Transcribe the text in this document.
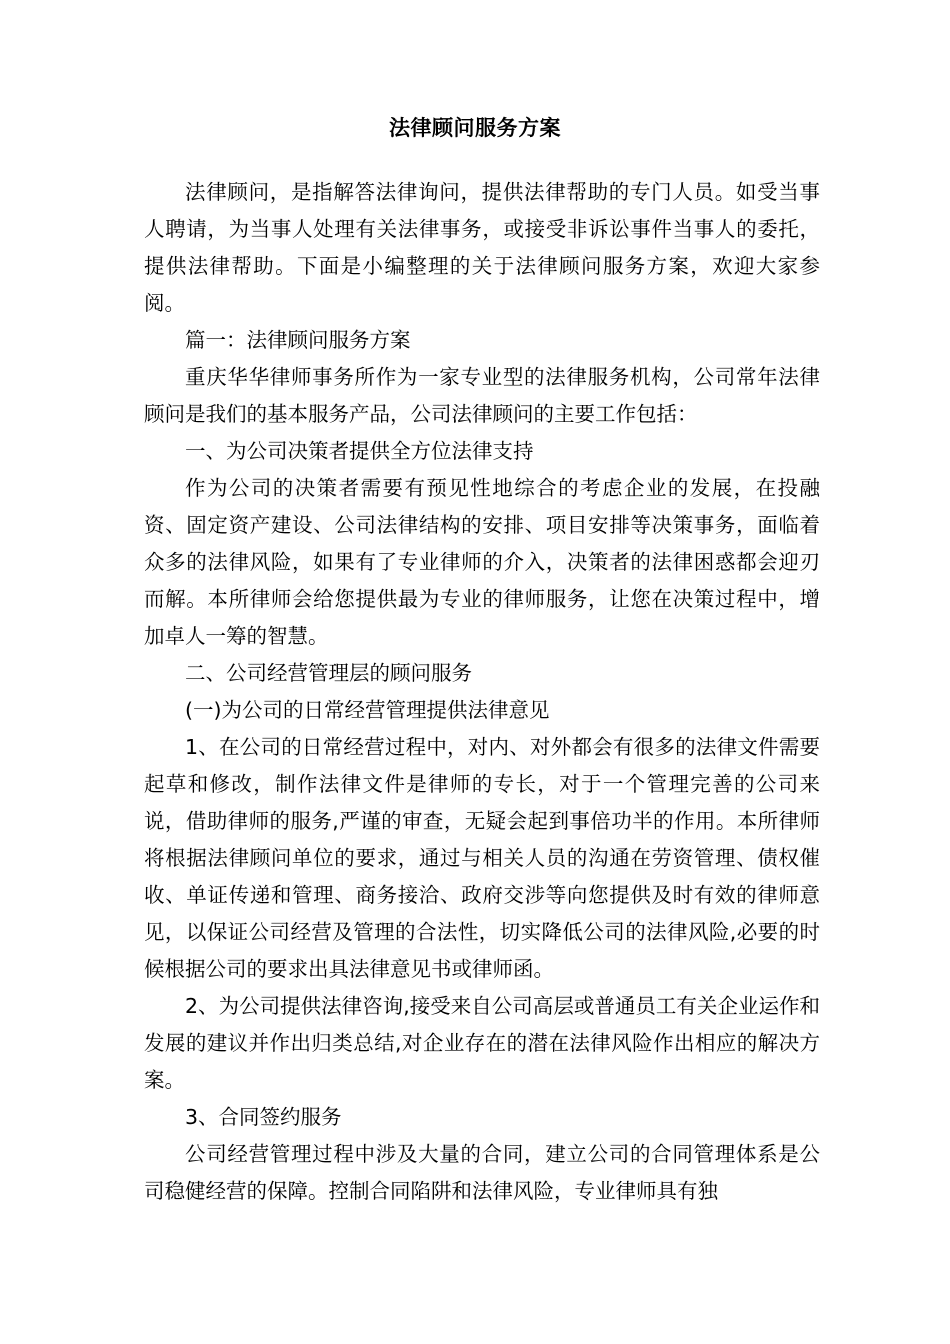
法律顾问服务方案

法律顾问，是指解答法律询问，提供法律帮助的专门人员。如受当事人聘请，为当事人处理有关法律事务，或接受非诉讼事件当事人的委托，提供法律帮助。下面是小编整理的关于法律顾问服务方案，欢迎大家参阅。

篇一：法律顾问服务方案

重庆华华律师事务所作为一家专业型的法律服务机构，公司常年法律顾问是我们的基本服务产品，公司法律顾问的主要工作包括：

一、为公司决策者提供全方位法律支持

作为公司的决策者需要有预见性地综合的考虑企业的发展，在投融资、固定资产建设、公司法律结构的安排、项目安排等决策事务，面临着众多的法律风险，如果有了专业律师的介入，决策者的法律困惑都会迎刃而解。本所律师会给您提供最为专业的律师服务，让您在决策过程中，增加卓人一筹的智慧。

二、公司经营管理层的顾问服务

(一)为公司的日常经营管理提供法律意见

1、在公司的日常经营过程中，对内、对外都会有很多的法律文件需要起草和修改，制作法律文件是律师的专长，对于一个管理完善的公司来说，借助律师的服务,严谨的审查，无疑会起到事倍功半的作用。本所律师将根据法律顾问单位的要求，通过与相关人员的沟通在劳资管理、债权催收、单证传递和管理、商务接洽、政府交涉等向您提供及时有效的律师意见，以保证公司经营及管理的合法性，切实降低公司的法律风险,必要的时候根据公司的要求出具法律意见书或律师函。

2、为公司提供法律咨询,接受来自公司高层或普通员工有关企业运作和发展的建议并作出归类总结,对企业存在的潜在法律风险作出相应的解决方案。

3、合同签约服务

公司经营管理过程中涉及大量的合同，建立公司的合同管理体系是公司稳健经营的保障。控制合同陷阱和法律风险，专业律师具有独
